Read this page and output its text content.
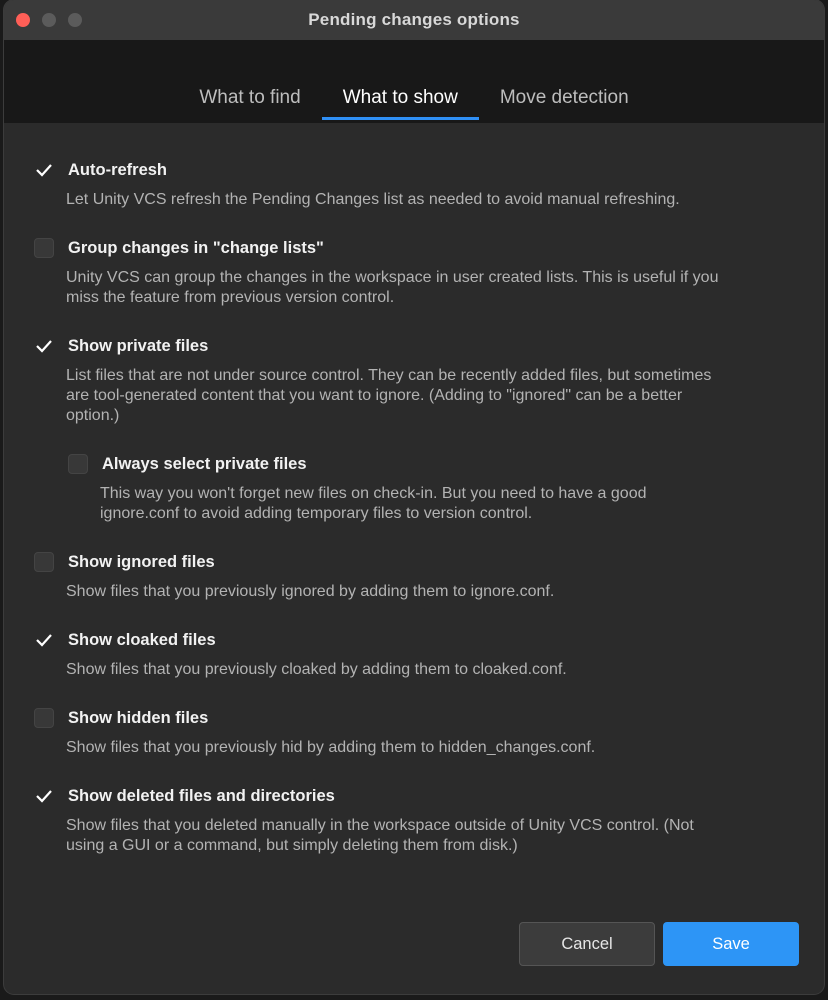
Pending changes options
What to find	What to show	Move detection
Auto-refresh
Let Unity VCS refresh the Pending Changes list as needed to avoid manual refreshing.
Group changes in "change lists"
Unity VCS can group the changes in the workspace in user created lists. This is useful if you
miss the feature from previous version control.
Show private files
List files that are not under source control. They can be recently added files, but sometimes
are tool-generated content that you want to ignore. (Adding to "ignored" can be a better
option.)
Always select private files
This way you won't forget new files on check-in. But you need to have a good
ignore.conf to avoid adding temporary files to version control.
Show ignored files
Show files that you previously ignored by adding them to ignore.conf.
Show cloaked files
Show files that you previously cloaked by adding them to cloaked.conf.
Show hidden files
Show files that you previously hid by adding them to hidden_changes.conf.
Show deleted files and directories
Show files that you deleted manually in the workspace outside of Unity VCS control. (Not
using a GUI or a command, but simply deleting them from disk.)
Cancel	Save
